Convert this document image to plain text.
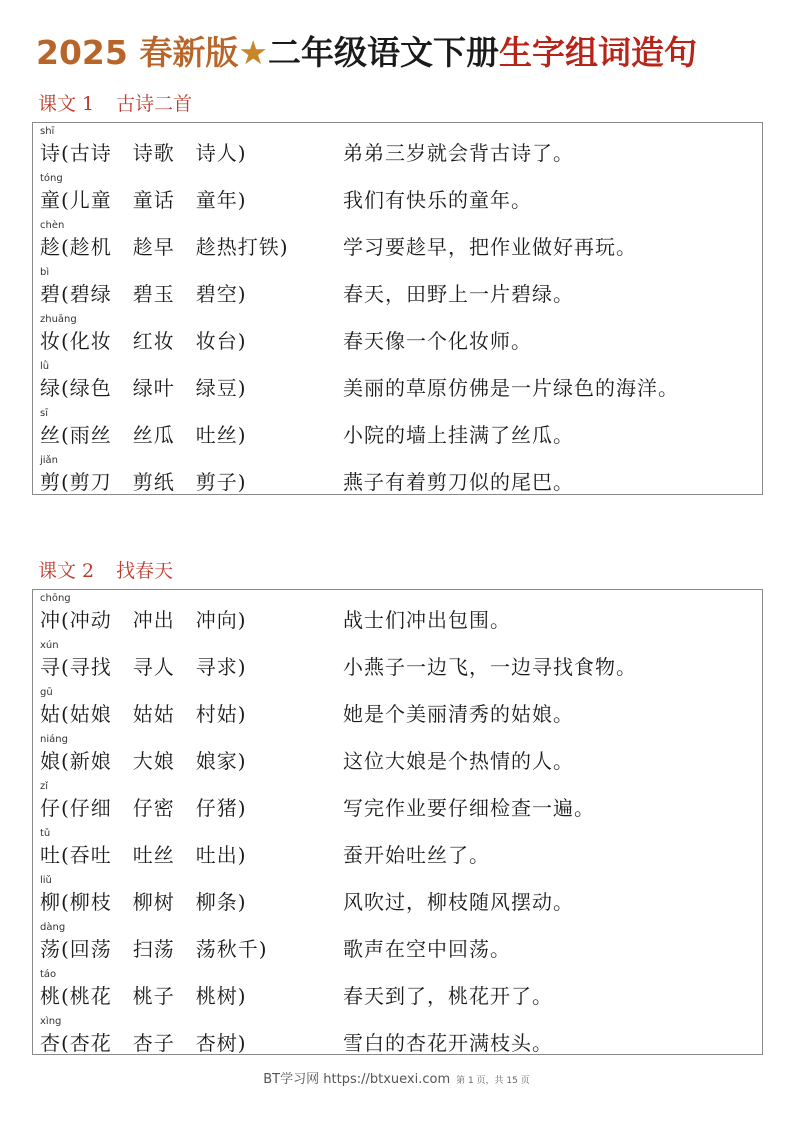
2025 春新版★二年级语文下册生字组词造句
课文 1 古诗二首
shī
诗(古诗　诗歌　诗人)	弟弟三岁就会背古诗了。
tóng
童(儿童　童话　童年)	我们有快乐的童年。
chèn
趁(趁机　趁早　趁热打铁)	学习要趁早，把作业做好再玩。
bì
碧(碧绿　碧玉　碧空)	春天，田野上一片碧绿。
zhuāng
妆(化妆　红妆　妆台)	春天像一个化妆师。
lǜ
绿(绿色　绿叶　绿豆)	美丽的草原仿佛是一片绿色的海洋。
sī
丝(雨丝　丝瓜　吐丝)	小院的墙上挂满了丝瓜。
jiǎn
剪(剪刀　剪纸　剪子)	燕子有着剪刀似的尾巴。
课文 2 找春天
chōng
冲(冲动　冲出　冲向)	战士们冲出包围。
xún
寻(寻找　寻人　寻求)	小燕子一边飞，一边寻找食物。
gū
姑(姑娘　姑姑　村姑)	她是个美丽清秀的姑娘。
niáng
娘(新娘　大娘　娘家)	这位大娘是个热情的人。
zǐ
仔(仔细　仔密　仔猪)	写完作业要仔细检查一遍。
tǔ
吐(吞吐　吐丝　吐出)	蚕开始吐丝了。
liǔ
柳(柳枝　柳树　柳条)	风吹过，柳枝随风摆动。
dàng
荡(回荡　扫荡　荡秋千)	歌声在空中回荡。
táo
桃(桃花　桃子　桃树)	春天到了，桃花开了。
xìng
杏(杏花　杏子　杏树)	雪白的杏花开满枝头。
BT学习网 https://btxuexi.com 第 1 页，共 15 页
